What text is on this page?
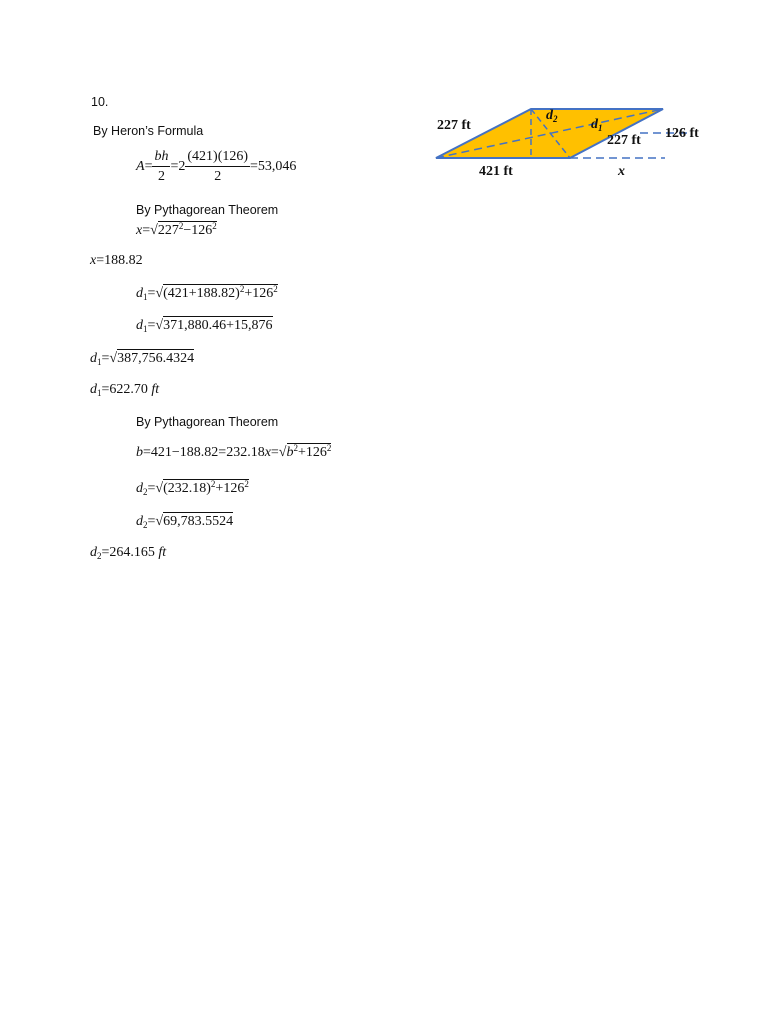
10.
227 ft
227 ft
421 ft
126 ft
x
$d_2$ $d_1$
By Heron’s Formula
$A= \frac{bh}{2} =2 \frac{(421)(126)}{2} =53,046$
By Pythagorean Theorem
$x=√227^2-126^2$
x=188.82
$d_1=√(421+188.82)^2+126^2$
$d_1=√371,880.46+15,876$
$d_1=√387,756.4324$
$d_1=622.70$ ft
By Pythagorean Theorem
$b=421-188.82=232.18x=√b^2+126^2$
$d_2=√(232.18)^2+126^2$
$d_2=√69,783.5524$
$d_2=264.165$ ft
